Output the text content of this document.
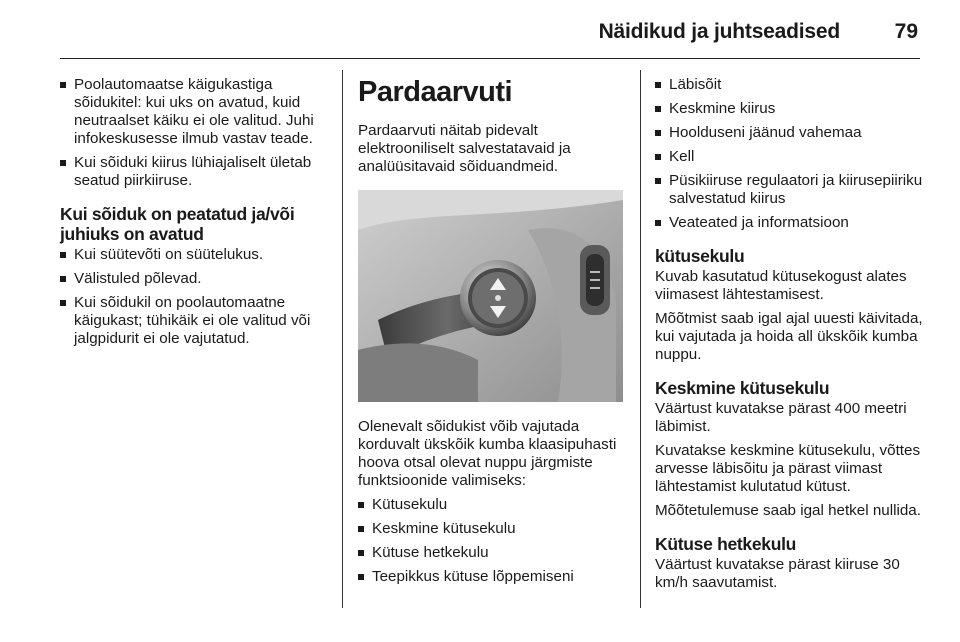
Näidikud ja juhtseadised	79
Poolautomaatse käigukastiga sõidukitel: kui uks on avatud, kuid neutraalset käiku ei ole valitud. Juhi infokeskusesse ilmub vastav teade.
Kui sõiduki kiirus lühiajaliselt ületab seatud piirkiiruse.
Kui sõiduk on peatatud ja/või juhiuks on avatud
Kui süütevõti on süütelukus.
Välistuled põlevad.
Kui sõidukil on poolautomaatne käigukast; tühikäik ei ole valitud või jalgpidurit ei ole vajutatud.
Pardaarvuti

Pardaarvuti näitab pidevalt elektrooniliselt salvestatavaid ja analüüsitavaid sõiduandmeid.

Olenevalt sõidukist võib vajutada korduvalt ükskõik kumba klaasipuhasti hoova otsal olevat nuppu järgmiste funktsioonide valimiseks:

Kütusekulu
Keskmine kütusekulu
Kütuse hetkekulu
Teepikkus kütuse lõppemiseni
Läbisõit
Keskmine kiirus
Hoolduseni jäänud vahemaa
Kell
Püsikiiruse regulaatori ja kiirusepiiriku salvestatud kiirus
Veateated ja informatsioon
kütusekulu

Kuvab kasutatud kütusekogust alates viimasest lähtestamisest.

Mõõtmist saab igal ajal uuesti käivitada, kui vajutada ja hoida all ükskõik kumba nuppu.

Keskmine kütusekulu

Väärtust kuvatakse pärast 400 meetri läbimist.

Kuvatakse keskmine kütusekulu, võttes arvesse läbisõitu ja pärast viimast lähtestamist kulutatud kütust.

Mõõtetulemuse saab igal hetkel nullida.

Kütuse hetkekulu

Väärtust kuvatakse pärast kiiruse 30 km/h saavutamist.
